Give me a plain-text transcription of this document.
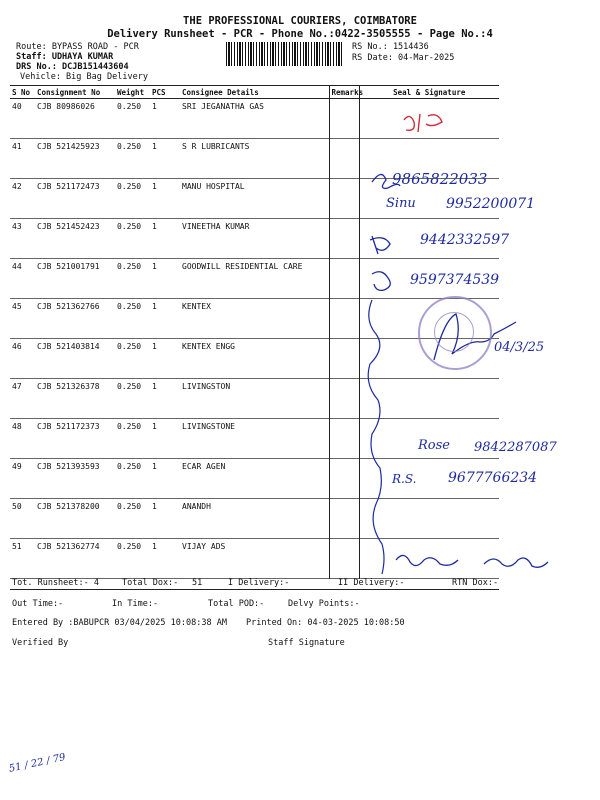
THE PROFESSIONAL COURIERS, COIMBATORE
Delivery Runsheet - PCR - Phone No.:0422-3505555 - Page No.:4
Route: BYPASS ROAD - PCR
Staff: UDHAYA KUMAR
DRS No.: DCJB151443604
Vehicle: Big Bag Delivery
RS No.: 1514436
RS Date: 04-Mar-2025
S No	Consignment No	Weight	PCS	Consignee Details	Remarks	Seal & Signature
40	CJB 80986026	0.250	1	SRI JEGANATHA GAS		
41	CJB 521425923	0.250	1	S R LUBRICANTS		
42	CJB 521172473	0.250	1	MANU HOSPITAL		
43	CJB 521452423	0.250	1	VINEETHA KUMAR		
44	CJB 521001791	0.250	1	GOODWILL RESIDENTIAL CARE		
45	CJB 521362766	0.250	1	KENTEX		
46	CJB 521403814	0.250	1	KENTEX ENGG		
47	CJB 521326378	0.250	1	LIVINGSTON		
48	CJB 521172373	0.250	1	LIVINGSTONE		
49	CJB 521393593	0.250	1	ECAR AGEN		
50	CJB 521378200	0.250	1	ANANDH		
51	CJB 521362774	0.250	1	VIJAY ADS		
9865822033
Sinu 9952200071
9442332597
9597374539
04/3/25
Rose 9842287087
R.S. 9677766234
Tot. Runsheet:- 4	Total Dox:- 51	I Delivery:-	II Delivery:-	RTN Dox:-
Out Time:-	In Time:-	Total POD:-	Delvy Points:-
Entered By :BABUPCR 03/04/2025 10:08:38 AM Printed On: 04-03-2025 10:08:50
Verified By	Staff Signature
51 / 22 / 79
